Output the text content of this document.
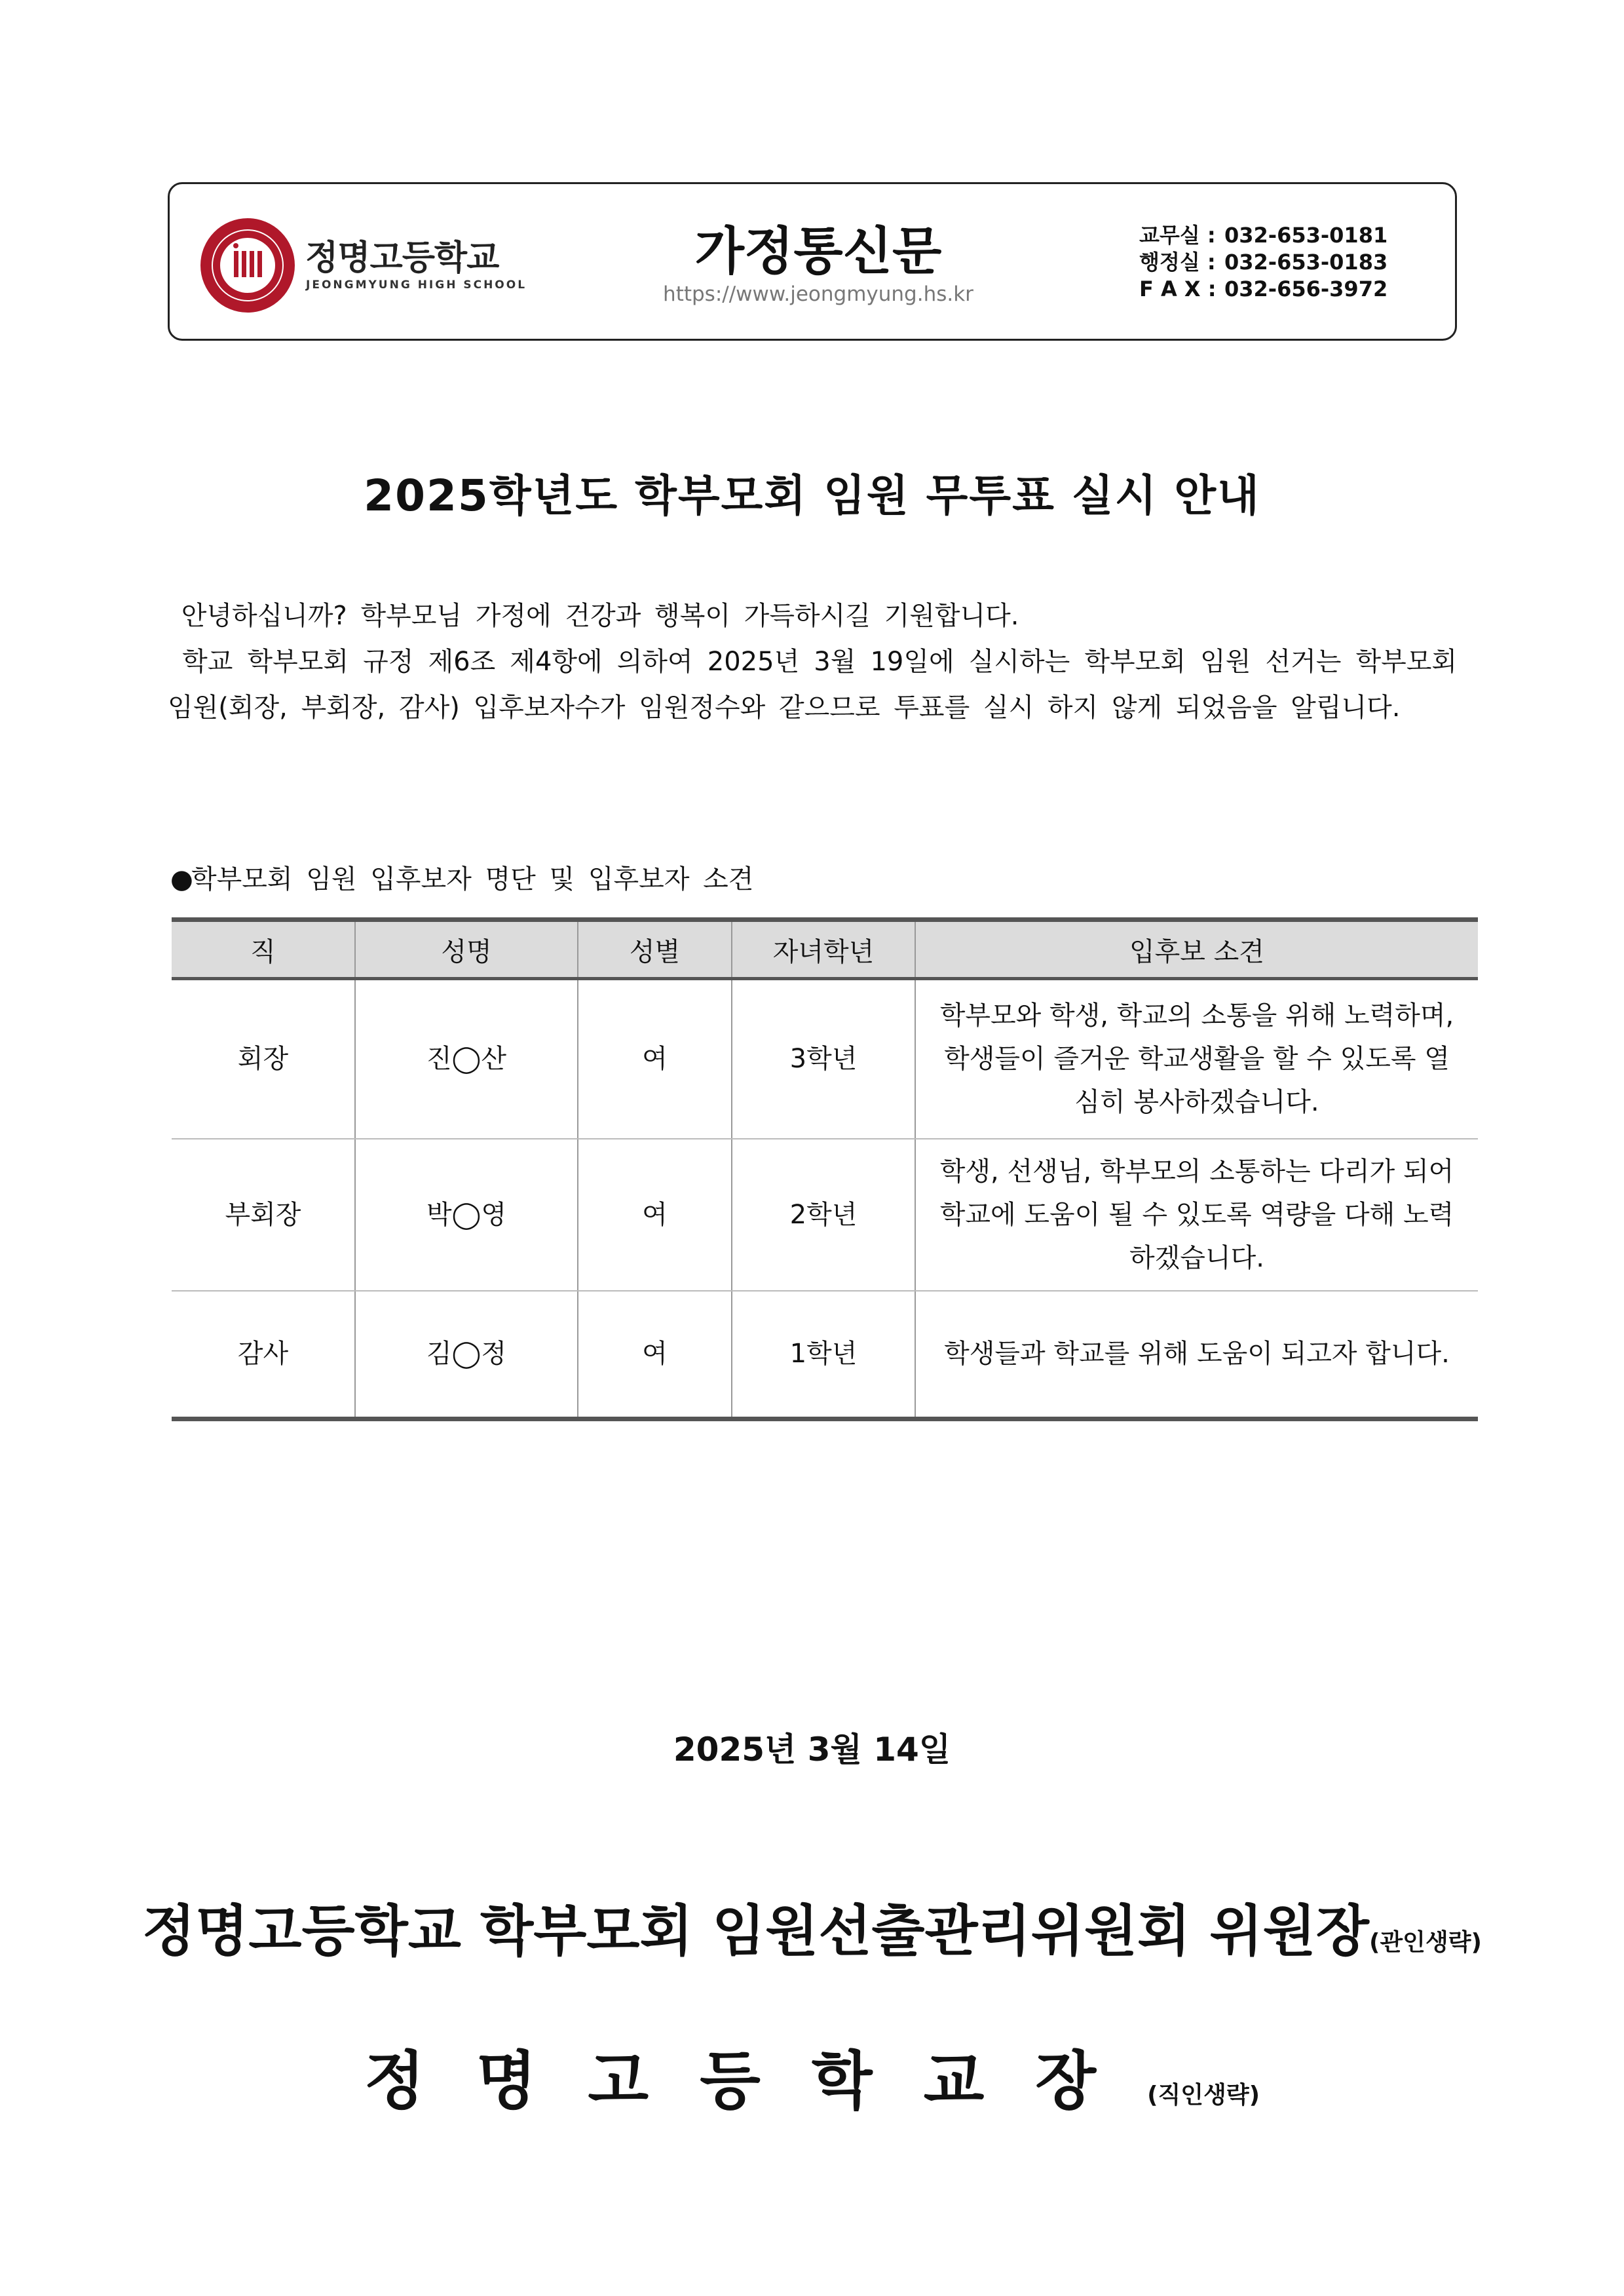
정명고등학교
JEONGMYUNG HIGH SCHOOL
가정통신문
https://www.jeongmyung.hs.kr
교무실 : 032-653-0181
행정실 : 032-653-0183
F A X : 032-656-3972
2025학년도 학부모회 임원 무투표 실시 안내
안녕하십니까? 학부모님 가정에 건강과 행복이 가득하시길 기원합니다.
학교 학부모회 규정 제6조 제4항에 의하여 2025년 3월 19일에 실시하는 학부모회 임원 선거는 학부모회 임원(회장, 부회장, 감사) 입후보자수가 임원정수와 같으므로 투표를 실시 하지 않게 되었음을 알립니다.
●학부모회 임원 입후보자 명단 및 입후보자 소견
직	성명	성별	자녀학년	입후보 소견
회장	진◯산	여	3학년	학부모와 학생, 학교의 소통을 위해 노력하며, 학생들이 즐거운 학교생활을 할 수 있도록 열심히 봉사하겠습니다.
부회장	박◯영	여	2학년	학생, 선생님, 학부모의 소통하는 다리가 되어 학교에 도움이 될 수 있도록 역량을 다해 노력하겠습니다.
감사	김◯정	여	1학년	학생들과 학교를 위해 도움이 되고자 합니다.
2025년 3월 14일
정명고등학교 학부모회 임원선출관리위원회 위원장(관인생략)
정명고등학교장(직인생략)
